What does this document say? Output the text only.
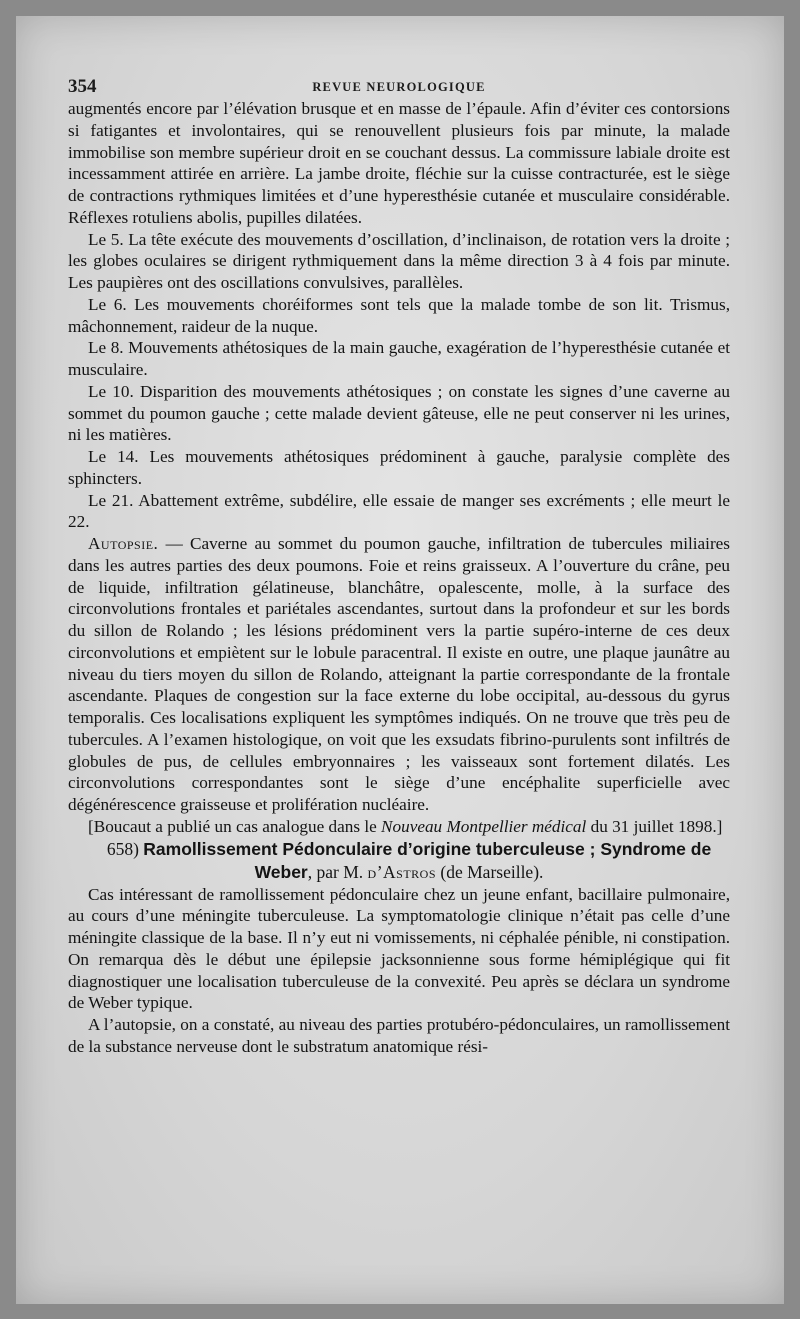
354	REVUE NEUROLOGIQUE

augmentés encore par l’élévation brusque et en masse de l’épaule. Afin d’éviter ces contorsions si fatigantes et involontaires, qui se renouvellent plusieurs fois par minute, la malade immobilise son membre supérieur droit en se couchant dessus. La commissure labiale droite est incessamment attirée en arrière. La jambe droite, fléchie sur la cuisse contracturée, est le siège de contractions rythmiques limitées et d’une hyperesthésie cutanée et musculaire considérable. Réflexes rotuliens abolis, pupilles dilatées.

Le 5. La tête exécute des mouvements d’oscillation, d’inclinaison, de rotation vers la droite ; les globes oculaires se dirigent rythmiquement dans la même direction 3 à 4 fois par minute. Les paupières ont des oscillations convulsives, parallèles.

Le 6. Les mouvements choréiformes sont tels que la malade tombe de son lit. Trismus, mâchonnement, raideur de la nuque.

Le 8. Mouvements athétosiques de la main gauche, exagération de l’hyperesthésie cutanée et musculaire.

Le 10. Disparition des mouvements athétosiques ; on constate les signes d’une caverne au sommet du poumon gauche ; cette malade devient gâteuse, elle ne peut conserver ni les urines, ni les matières.

Le 14. Les mouvements athétosiques prédominent à gauche, paralysie complète des sphincters.

Le 21. Abattement extrême, subdélire, elle essaie de manger ses excréments ; elle meurt le 22.

Autopsie. — Caverne au sommet du poumon gauche, infiltration de tubercules miliaires dans les autres parties des deux poumons. Foie et reins graisseux. A l’ouverture du crâne, peu de liquide, infiltration gélatineuse, blanchâtre, opalescente, molle, à la surface des circonvolutions frontales et pariétales ascendantes, surtout dans la profondeur et sur les bords du sillon de Rolando ; les lésions prédominent vers la partie supéro-interne de ces deux circonvolutions et empiètent sur le lobule paracentral. Il existe en outre, une plaque jaunâtre au niveau du tiers moyen du sillon de Rolando, atteignant la partie correspondante de la frontale ascendante. Plaques de congestion sur la face externe du lobe occipital, au-dessous du gyrus temporalis. Ces localisations expliquent les symptômes indiqués. On ne trouve que très peu de tubercules. A l’examen histologique, on voit que les exsudats fibrino-purulents sont infiltrés de globules de pus, de cellules embryonnaires ; les vaisseaux sont fortement dilatés. Les circonvolutions correspondantes sont le siège d’une encéphalite superficielle avec dégénérescence graisseuse et prolifération nucléaire.

[Boucaut a publié un cas analogue dans le Nouveau Montpellier médical du 31 juillet 1898.]

658) Ramollissement Pédonculaire d’origine tuberculeuse ; Syndrome de Weber, par M. d’Astros (de Marseille).

Cas intéressant de ramollissement pédonculaire chez un jeune enfant, bacillaire pulmonaire, au cours d’une méningite tuberculeuse. La symptomatologie clinique n’était pas celle d’une méningite classique de la base. Il n’y eut ni vomissements, ni céphalée pénible, ni constipation. On remarqua dès le début une épilepsie jacksonnienne sous forme hémiplégique qui fit diagnostiquer une localisation tuberculeuse de la convexité. Peu après se déclara un syndrome de Weber typique.

A l’autopsie, on a constaté, au niveau des parties protubéro-pédonculaires, un ramollissement de la substance nerveuse dont le substratum anatomique rési-
